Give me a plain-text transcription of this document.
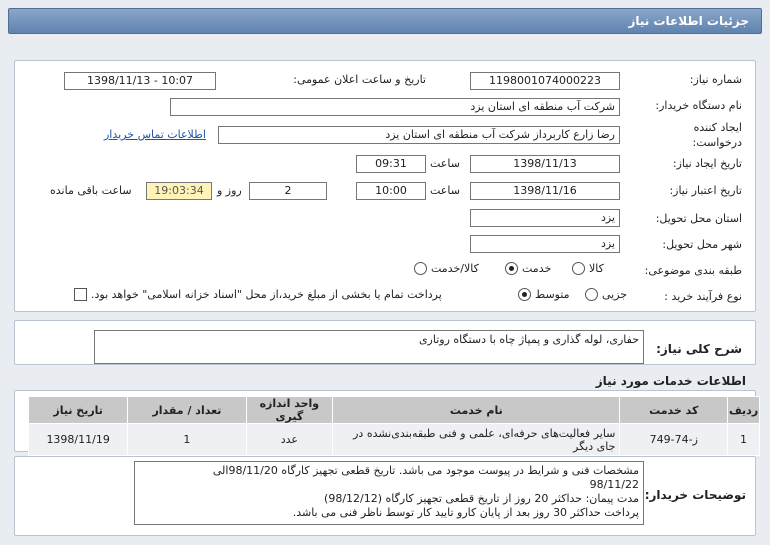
جزئیات اطلاعات نیاز
شماره نیاز:
1198001074000223
تاریخ و ساعت اعلان عمومی:
1398/11/13 - 10:07
نام دستگاه خریدار:
شرکت آب منطقه ای استان یزد
ایجاد کننده
درخواست:
رضا زارع کاربرداز شرکت آب منطقه ای استان یزد
اطلاعات تماس خریدار
تاریخ ایجاد نیاز:
1398/11/13
ساعت
09:31
تاریخ اعتبار نیاز:
1398/11/16
ساعت
10:00
2
روز و
19:03:34
ساعت باقی مانده
استان محل تحویل:
یزد
شهر محل تحویل:
یزد
طبقه بندی موضوعی:
کالا
خدمت
کالا/خدمت
نوع فرآیند خرید :
جزیی
متوسط
پرداخت تمام یا بخشی از مبلغ خرید،از محل "اسناد خزانه اسلامی" خواهد بود.
شرح کلی نیاز:
حفاری، لوله گذاری و پمپاژ چاه با دستگاه روتاری
اطلاعات خدمات مورد نیاز
ردیف	کد خدمت	نام خدمت	واحد اندازه گیری	تعداد / مقدار	تاریخ نیاز
1	ز-74-749	سایر فعالیت‌های حرفه‌ای، علمی و فنی طبقه‌بندی‌نشده در
جای دیگر	عدد	1	1398/11/19
توضیحات خریدار:
مشخصات فنی و شرایط در پیوست موجود می باشد. تاریخ قطعی تجهیز کارگاه 98/11/20الی
98/11/22
مدت پیمان: حداکثر 20 روز از تاریخ قطعی تجهیز کارگاه (98/12/12)
پرداخت حداکثر 30 روز بعد از پایان کارو تایید کار توسط ناظر فنی می باشد.
